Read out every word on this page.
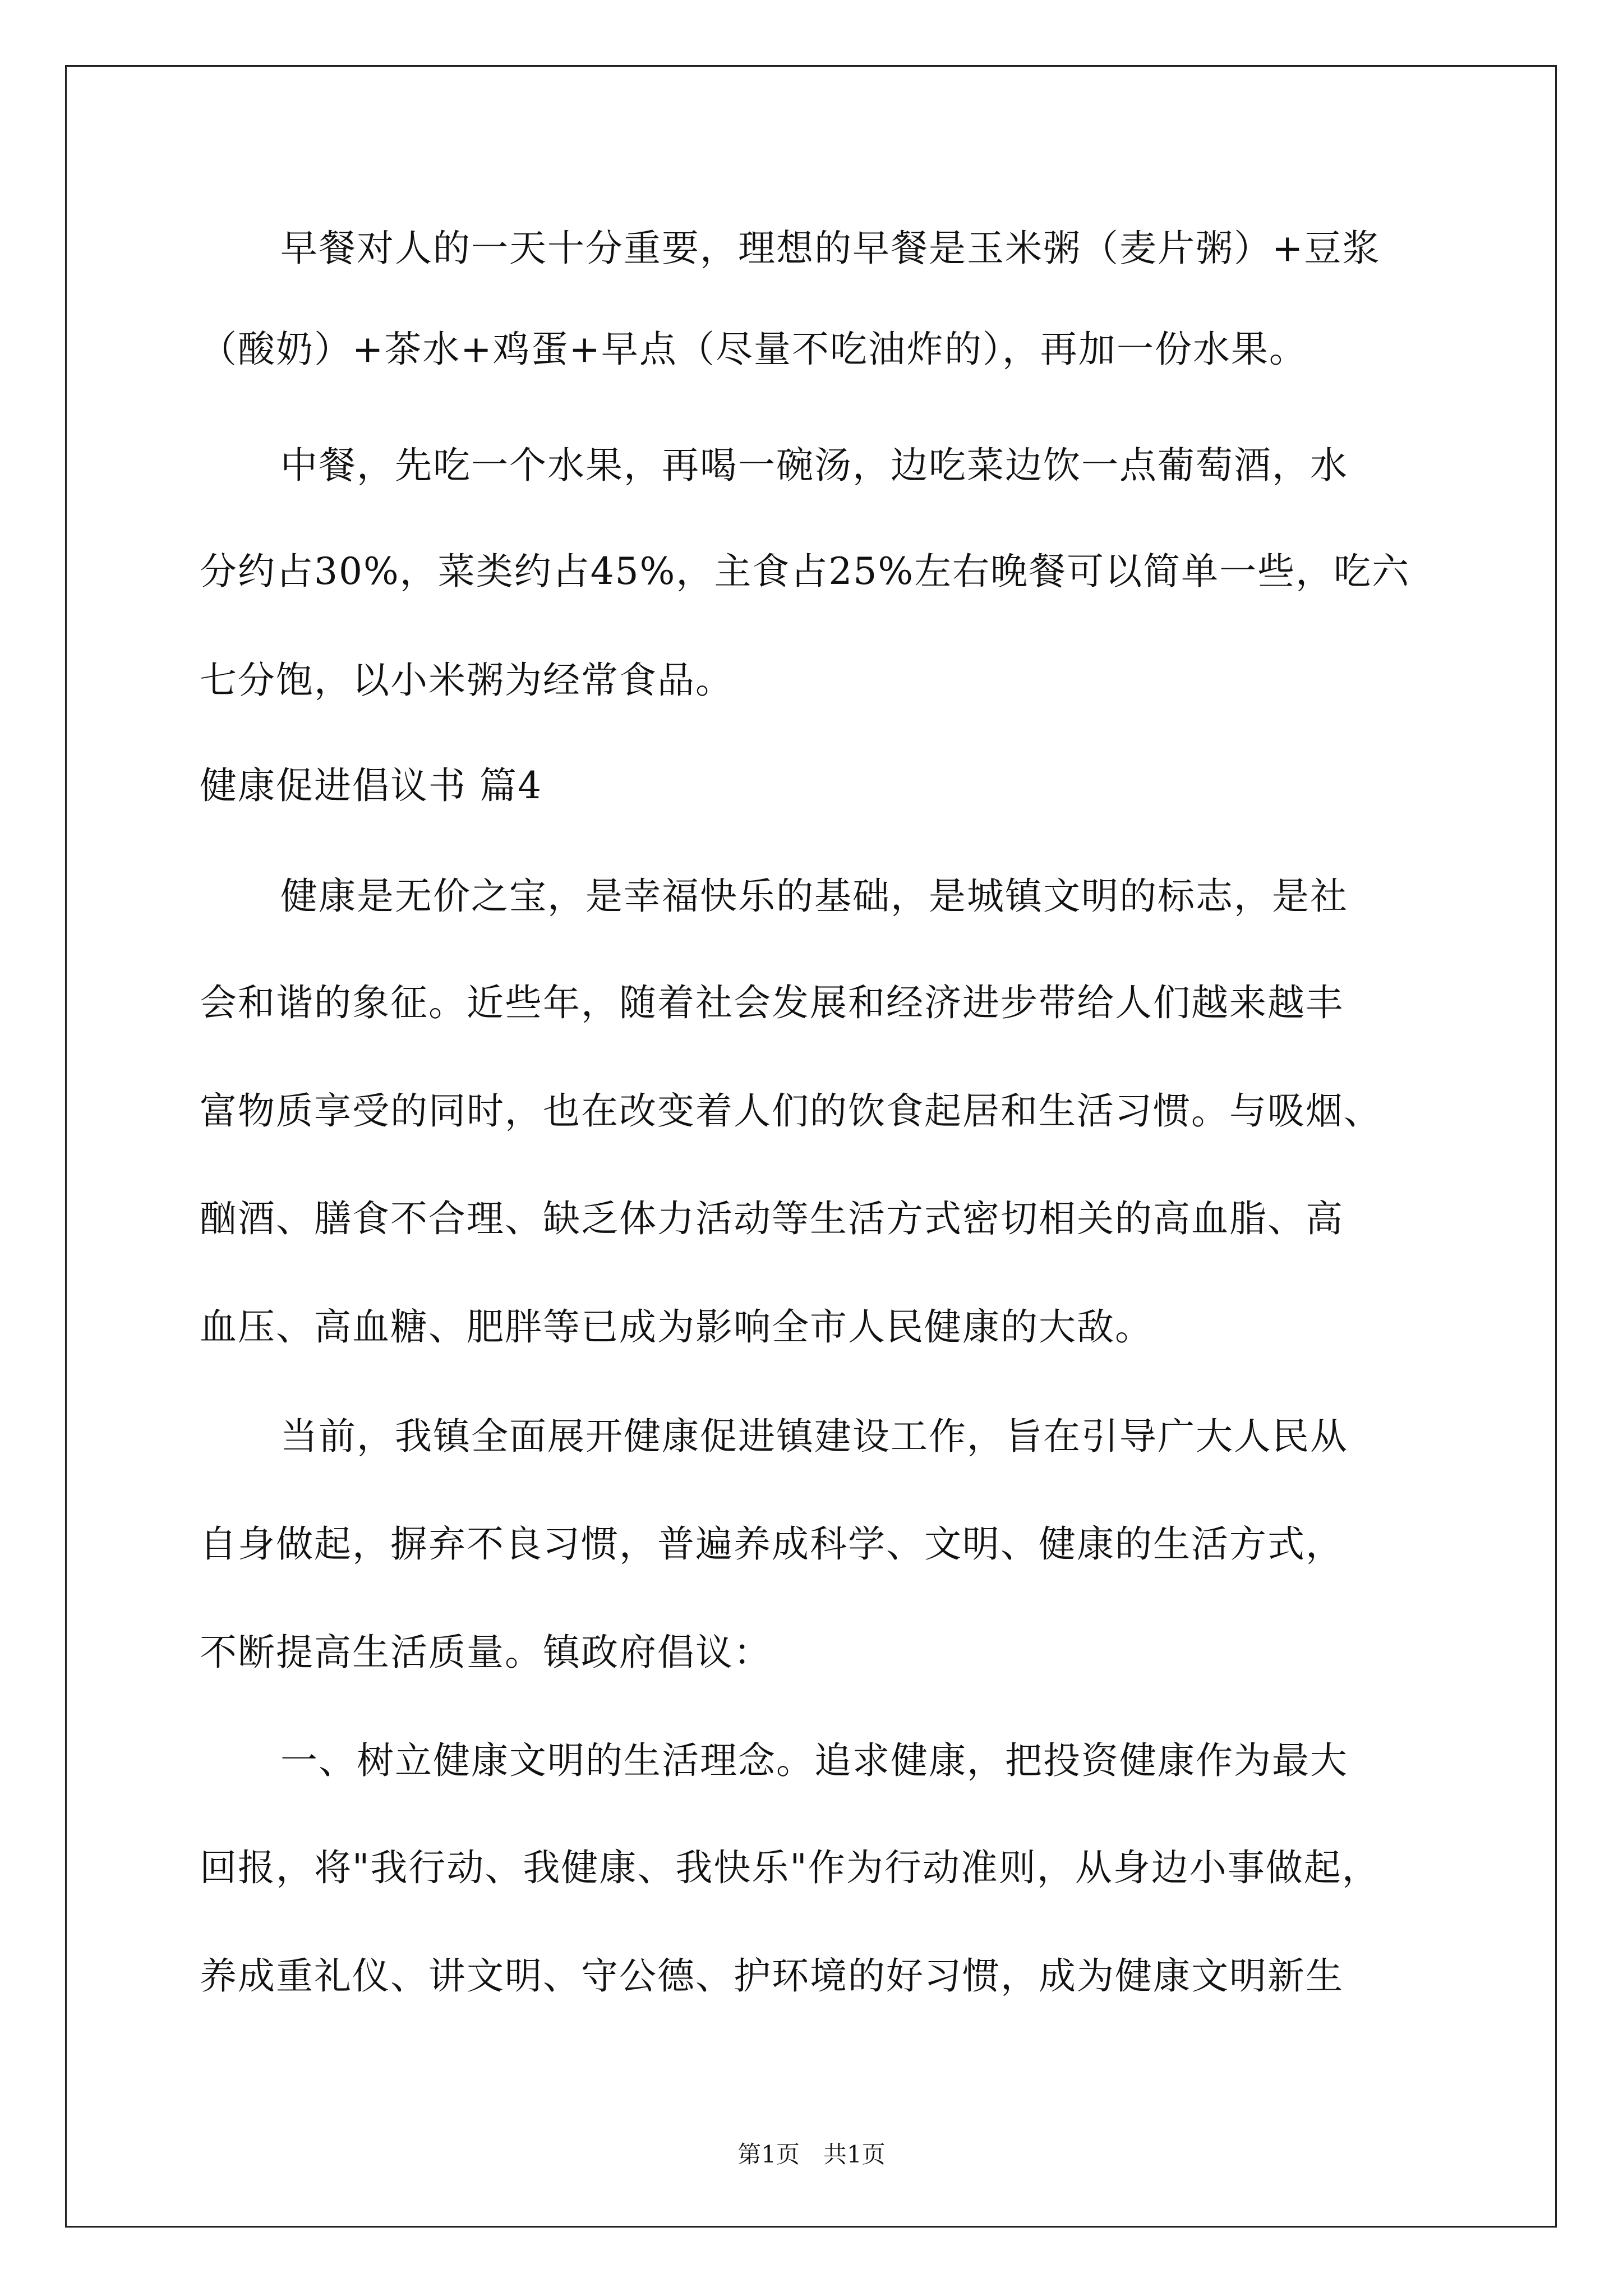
早餐对人的一天十分重要，理想的早餐是玉米粥（麦片粥）+豆浆
（酸奶）+茶水+鸡蛋+早点（尽量不吃油炸的），再加一份水果。
中餐，先吃一个水果，再喝一碗汤，边吃菜边饮一点葡萄酒，水
分约占30%，菜类约占45%，主食占25%左右晚餐可以简单一些，吃六
七分饱，以小米粥为经常食品。
健康促进倡议书 篇4
健康是无价之宝，是幸福快乐的基础，是城镇文明的标志，是社
会和谐的象征。近些年，随着社会发展和经济进步带给人们越来越丰
富物质享受的同时，也在改变着人们的饮食起居和生活习惯。与吸烟、
酗酒、膳食不合理、缺乏体力活动等生活方式密切相关的高血脂、高
血压、高血糖、肥胖等已成为影响全市人民健康的大敌。
当前，我镇全面展开健康促进镇建设工作，旨在引导广大人民从
自身做起，摒弃不良习惯，普遍养成科学、文明、健康的生活方式，
不断提高生活质量。镇政府倡议：
一、树立健康文明的生活理念。追求健康，把投资健康作为最大
回报，将"我行动、我健康、我快乐"作为行动准则，从身边小事做起，
养成重礼仪、讲文明、守公德、护环境的好习惯，成为健康文明新生
第1页　共1页
